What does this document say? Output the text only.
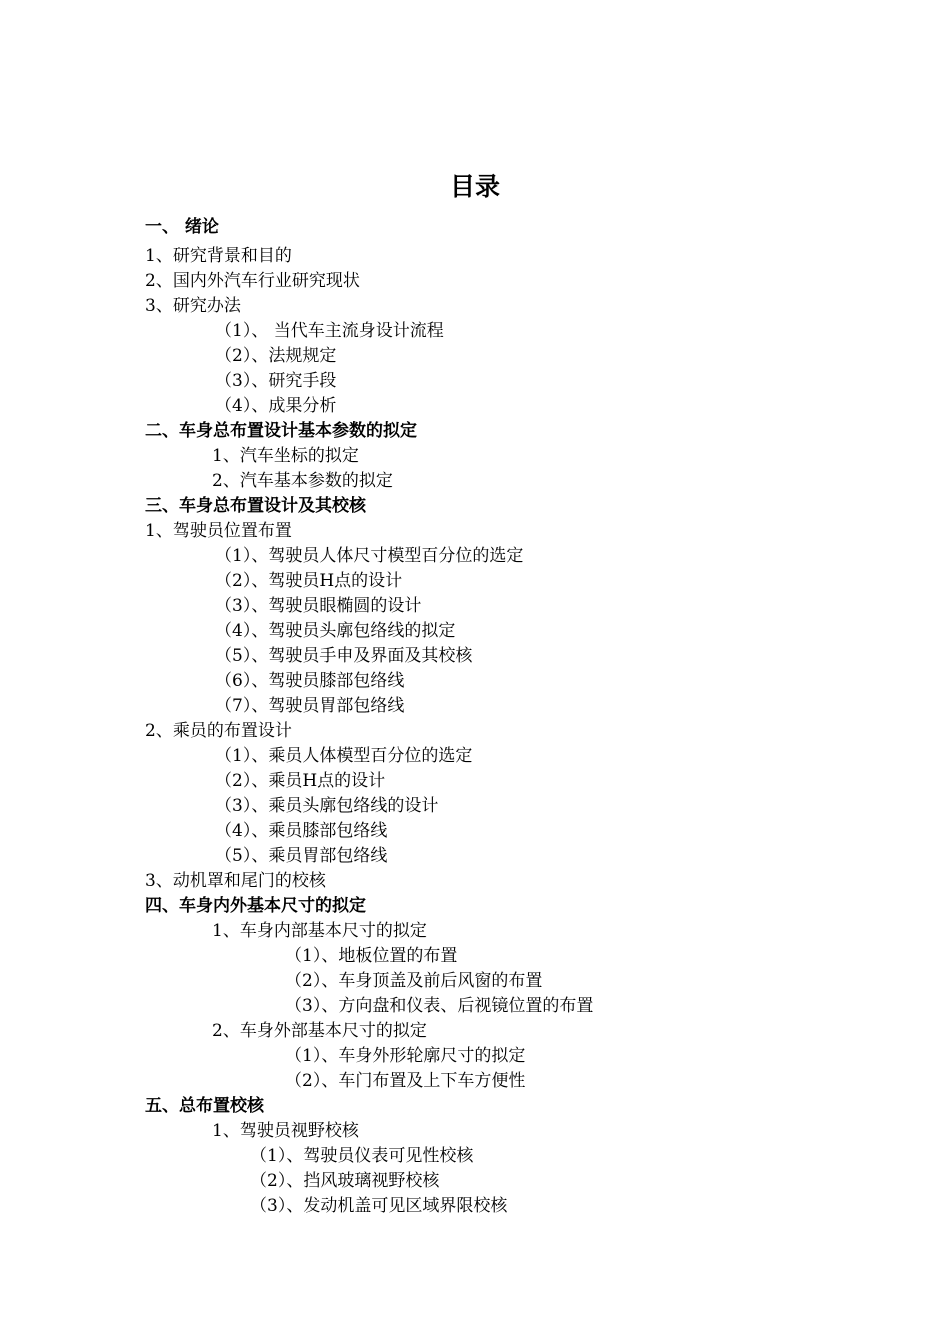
目录
一、 绪论
1、研究背景和目的
2、国内外汽车行业研究现状
3、研究办法
（1）、 当代车主流身设计流程
（2）、法规规定
（3）、研究手段
（4）、成果分析
二、车身总布置设计基本参数的拟定
1、汽车坐标的拟定
2、汽车基本参数的拟定
三、车身总布置设计及其校核
1、驾驶员位置布置
（1）、驾驶员人体尺寸模型百分位的选定
（2）、驾驶员H点的设计
（3）、驾驶员眼椭圆的设计
（4）、驾驶员头廓包络线的拟定
（5）、驾驶员手申及界面及其校核
（6）、驾驶员膝部包络线
（7）、驾驶员胃部包络线
2、乘员的布置设计
（1）、乘员人体模型百分位的选定
（2）、乘员H点的设计
（3）、乘员头廓包络线的设计
（4）、乘员膝部包络线
（5）、乘员胃部包络线
3、动机罩和尾门的校核
四、车身内外基本尺寸的拟定
1、车身内部基本尺寸的拟定
（1）、地板位置的布置
（2）、车身顶盖及前后风窗的布置
（3）、方向盘和仪表、后视镜位置的布置
2、车身外部基本尺寸的拟定
（1）、车身外形轮廓尺寸的拟定
（2）、车门布置及上下车方便性
五、总布置校核
1、驾驶员视野校核
（1）、驾驶员仪表可见性校核
（2）、挡风玻璃视野校核
（3）、发动机盖可见区域界限校核
